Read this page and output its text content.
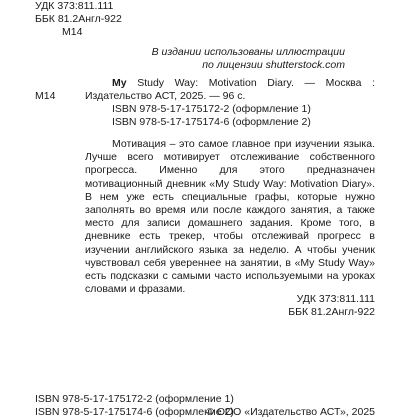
УДК 373:811.111
ББК 81.2Англ-922
М14
В издании использованы иллюстрации
по лицензии shutterstock.com
М14
My Study Way: Motivation Diary. — Москва : Издательство АСТ, 2025. — 96 с.
ISBN 978-5-17-175172-2 (оформление 1)
ISBN 978-5-17-175174-6 (оформление 2)
Мотивация – это самое главное при изучении языка. Лучше всего мотивирует отслеживание собственного прогресса. Именно для этого предназначен мотивационный дневник «My Study Way: Motivation Diary». В нем уже есть специальные графы, которые нужно заполнять во время или после каждого занятия, а также место для записи домашнего задания. Кроме того, в дневнике есть трекер, чтобы отслеживай прогресс в изучении английского языка за неделю. А чтобы ученик чувствовал себя увереннее на занятии, в «My Study Way» есть подсказки с самыми часто используемыми на уроках словами и фразами.
УДК 373:811.111
ББК 81.2Англ-922
ISBN 978-5-17-175172-2 (оформление 1)
ISBN 978-5-17-175174-6 (оформление 2)
© ООО «Издательство АСТ», 2025
